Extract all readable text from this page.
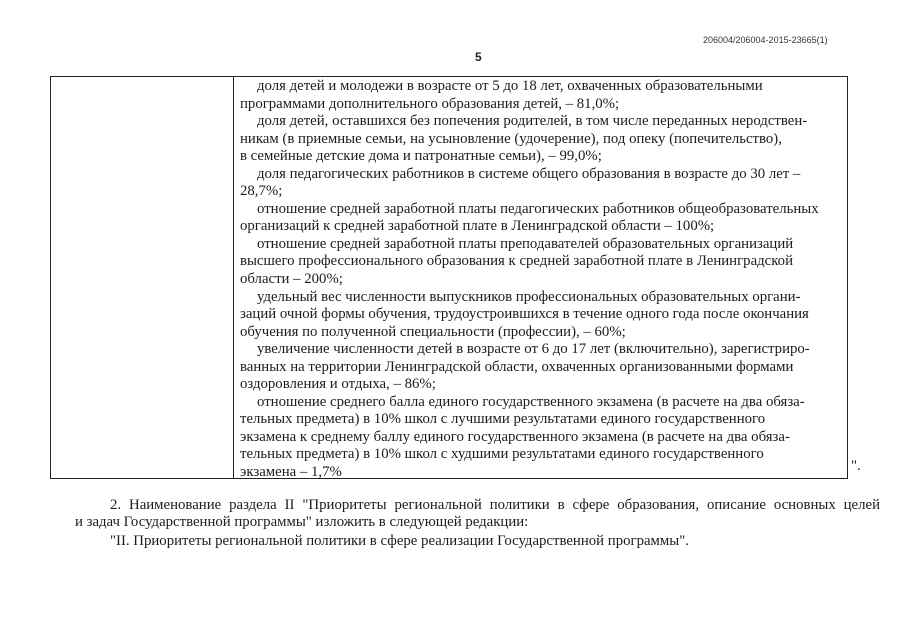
206004/206004-2015-23665(1)
5
доля детей и молодежи в возрасте от 5 до 18 лет, охваченных образовательными
программами дополнительного образования детей, – 81,0%;
доля детей, оставшихся без попечения родителей, в том числе переданных неродствен-
никам (в приемные семьи, на усыновление (удочерение), под опеку (попечительство),
в семейные детские дома и патронатные семьи), – 99,0%;
доля педагогических работников в системе общего образования в возрасте до 30 лет –
28,7%;
отношение средней заработной платы педагогических работников общеобразовательных
организаций к средней заработной плате в Ленинградской области – 100%;
отношение средней заработной платы преподавателей образовательных организаций
высшего профессионального образования к средней заработной плате в Ленинградской
области – 200%;
удельный вес численности выпускников профессиональных образовательных органи-
заций очной формы обучения, трудоустроившихся в течение одного года после окончания
обучения по полученной специальности (профессии), – 60%;
увеличение численности детей в возрасте от 6 до 17 лет (включительно), зарегистриро-
ванных на территории Ленинградской области, охваченных организованными формами
оздоровления и отдыха, – 86%;
отношение среднего балла единого государственного экзамена (в расчете на два обяза-
тельных предмета) в 10% школ с лучшими результатами единого государственного
экзамена к среднему баллу единого государственного экзамена (в расчете на два обяза-
тельных предмета) в 10% школ с худшими результатами единого государственного
экзамена – 1,7%	".
2. Наименование раздела II "Приоритеты региональной политики в сфере образования, описание основных целей
и задач Государственной программы" изложить в следующей редакции:
"II. Приоритеты региональной политики в сфере реализации Государственной программы".
